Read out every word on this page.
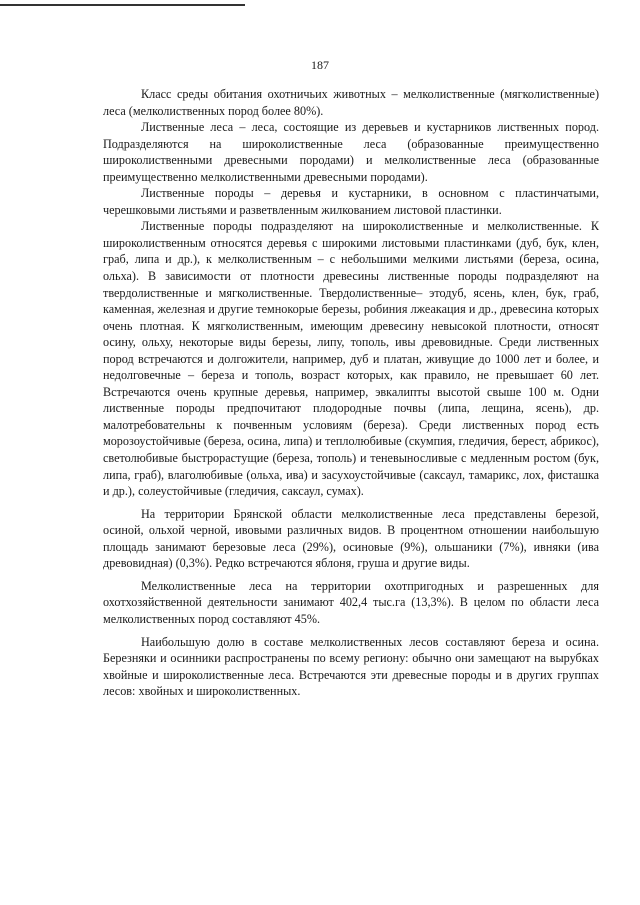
187

Класс среды обитания охотничьих животных – мелколиственные (мягколиственные) леса (мелколиственных пород более 80%).

Лиственные леса – леса, состоящие из деревьев и кустарников лиственных пород. Подразделяются на широколиственные леса (образованные преимущественно широколиственными древесными породами) и мелколиственные леса (образованные преимущественно мелколиственными древесными породами).

Лиственные породы – деревья и кустарники, в основном с пластинчатыми, черешковыми листьями и разветвленным жилкованием листовой пластинки.

Лиственные породы подразделяют на широколиственные и мелколиственные. К широколиственным относятся деревья с широкими листовыми пластинками (дуб, бук, клен, граб, липа и др.), к мелколиственным – с небольшими мелкими листьями (береза, осина, ольха). В зависимости от плотности древесины лиственные породы подразделяют на твердолиственные и мягколиственные. Твердолиственные– этодуб, ясень, клен, бук, граб, каменная, железная и другие темнокорые березы, робиния лжеакация и др., древесина которых очень плотная. К мягколиственным, имеющим древесину невысокой плотности, относят осину, ольху, некоторые виды березы, липу, тополь, ивы древовидные. Среди лиственных пород встречаются и долгожители, например, дуб и платан, живущие до 1000 лет и более, и недолговечные – береза и тополь, возраст которых, как правило, не превышает 60 лет. Встречаются очень крупные деревья, например, эвкалипты высотой свыше 100 м. Одни лиственные породы предпочитают плодородные почвы (липа, лещина, ясень), др. малотребовательны к почвенным условиям (береза). Среди лиственных пород есть морозоустойчивые (береза, осина, липа) и теплолюбивые (скумпия, гледичия, берест, абрикос), светолюбивые быстрорастущие (береза, тополь) и теневыносливые с медленным ростом (бук, липа, граб), влаголюбивые (ольха, ива) и засухоустойчивые (саксаул, тамарикс, лох, фисташка и др.), солеустойчивые (гледичия, саксаул, сумах).

На территории Брянской области мелколиственные леса представлены березой, осиной, ольхой черной, ивовыми различных видов. В процентном отношении наибольшую площадь занимают березовые леса (29%), осиновые (9%), ольшаники (7%), ивняки (ива древовидная) (0,3%). Редко встречаются яблоня, груша и другие виды.

Мелколиственные леса на территории охотпригодных и разрешенных для охотхозяйственной деятельности занимают 402,4 тыс.га (13,3%). В целом по области леса мелколиственных пород составляют 45%.

Наибольшую долю в составе мелколиственных лесов составляют береза и осина. Березняки и осинники распространены по всему региону: обычно они замещают на вырубках хвойные и широколиственные леса. Встречаются эти древесные породы и в других группах лесов: хвойных и широколиственных.
